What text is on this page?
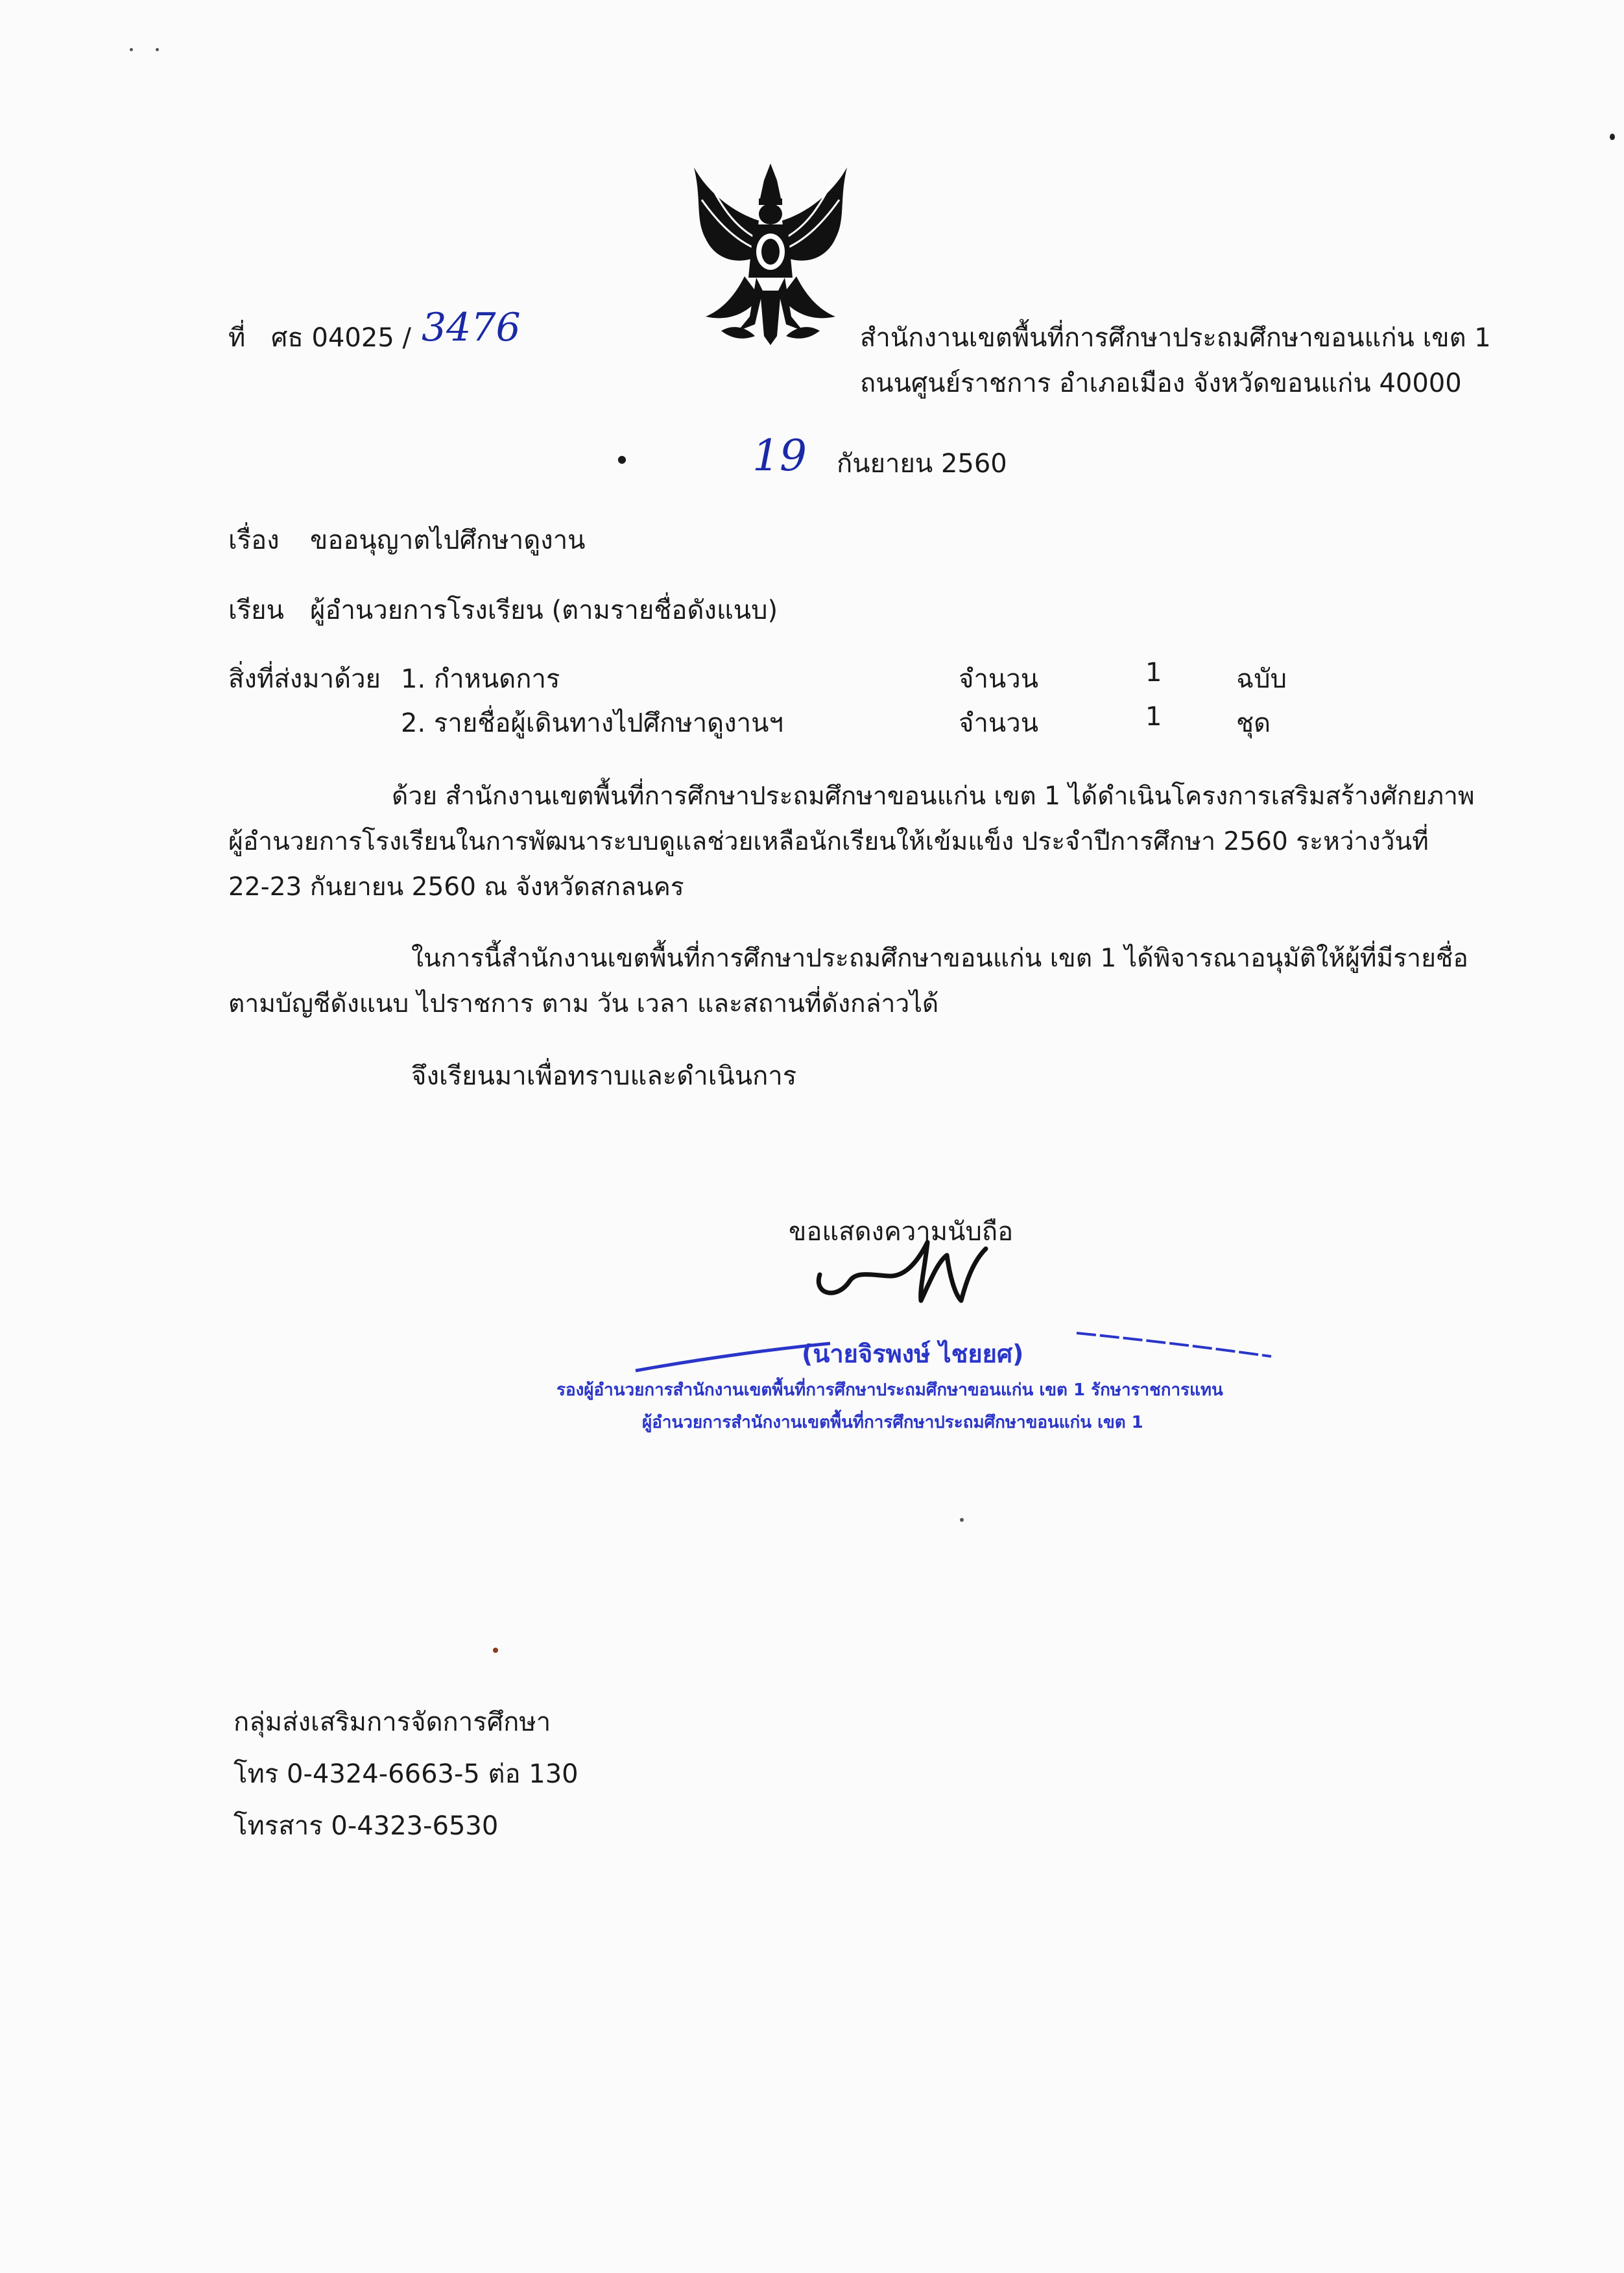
ที่ ศธ 04025 / 3476	สำนักงานเขตพื้นที่การศึกษาประถมศึกษาขอนแก่น เขต 1
ถนนศูนย์ราชการ อำเภอเมือง จังหวัดขอนแก่น 40000
●	19 กันยายน 2560
เรื่อง ขออนุญาตไปศึกษาดูงาน
เรียน ผู้อำนวยการโรงเรียน (ตามรายชื่อดังแนบ)
สิ่งที่ส่งมาด้วย 1. กำหนดการ	จำนวน	1	ฉบับ
2. รายชื่อผู้เดินทางไปศึกษาดูงานฯ	จำนวน	1	ชุด
ด้วย สำนักงานเขตพื้นที่การศึกษาประถมศึกษาขอนแก่น เขต 1 ได้ดำเนินโครงการเสริมสร้างศักยภาพ
ผู้อำนวยการโรงเรียนในการพัฒนาระบบดูแลช่วยเหลือนักเรียนให้เข้มแข็ง ประจำปีการศึกษา 2560 ระหว่างวันที่
22-23 กันยายน 2560 ณ จังหวัดสกลนคร
ในการนี้สำนักงานเขตพื้นที่การศึกษาประถมศึกษาขอนแก่น เขต 1 ได้พิจารณาอนุมัติให้ผู้ที่มีรายชื่อ
ตามบัญชีดังแนบ ไปราชการ ตาม วัน เวลา และสถานที่ดังกล่าวได้
จึงเรียนมาเพื่อทราบและดำเนินการ
ขอแสดงความนับถือ
(นายจิรพงษ์ ไชยยศ)
รองผู้อำนวยการสำนักงานเขตพื้นที่การศึกษาประถมศึกษาขอนแก่น เขต 1 รักษาราชการแทน
ผู้อำนวยการสำนักงานเขตพื้นที่การศึกษาประถมศึกษาขอนแก่น เขต 1
กลุ่มส่งเสริมการจัดการศึกษา
โทร 0-4324-6663-5 ต่อ 130
โทรสาร 0-4323-6530
